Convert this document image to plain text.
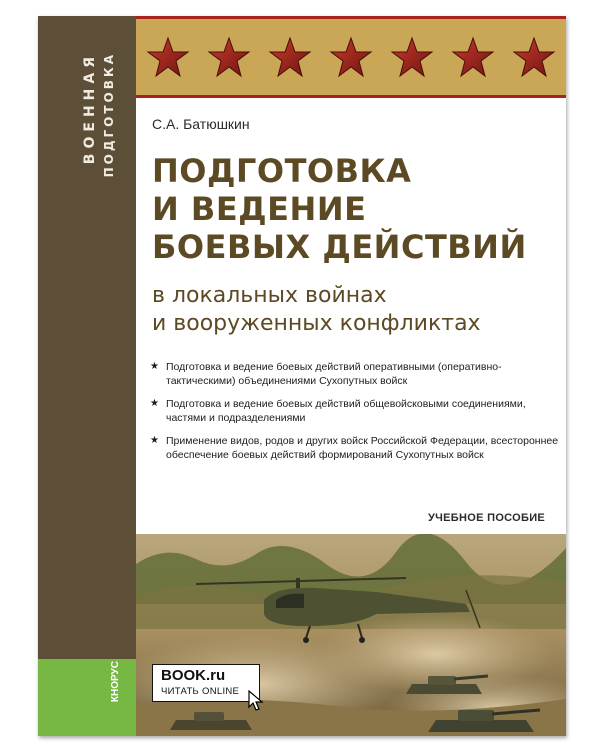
ВОЕННАЯ ПОДГОТОВКА
КНОРУС
С.А. Батюшкин
ПОДГОТОВКА
И ВЕДЕНИЕ
БОЕВЫХ ДЕЙСТВИЙ
в локальных войнах
и вооруженных конфликтах
★ Подготовка и ведение боевых действий оперативными (оперативно-тактическими) объединениями Сухопутных войск
★ Подготовка и ведение боевых действий общевойсковыми соединениями, частями и подразделениями
★ Применение видов, родов и других войск Российской Федерации, всестороннее обеспечение боевых действий формирований Сухопутных войск
УЧЕБНОЕ ПОСОБИЕ
BOOK.ru
ЧИТАТЬ ONLINE
